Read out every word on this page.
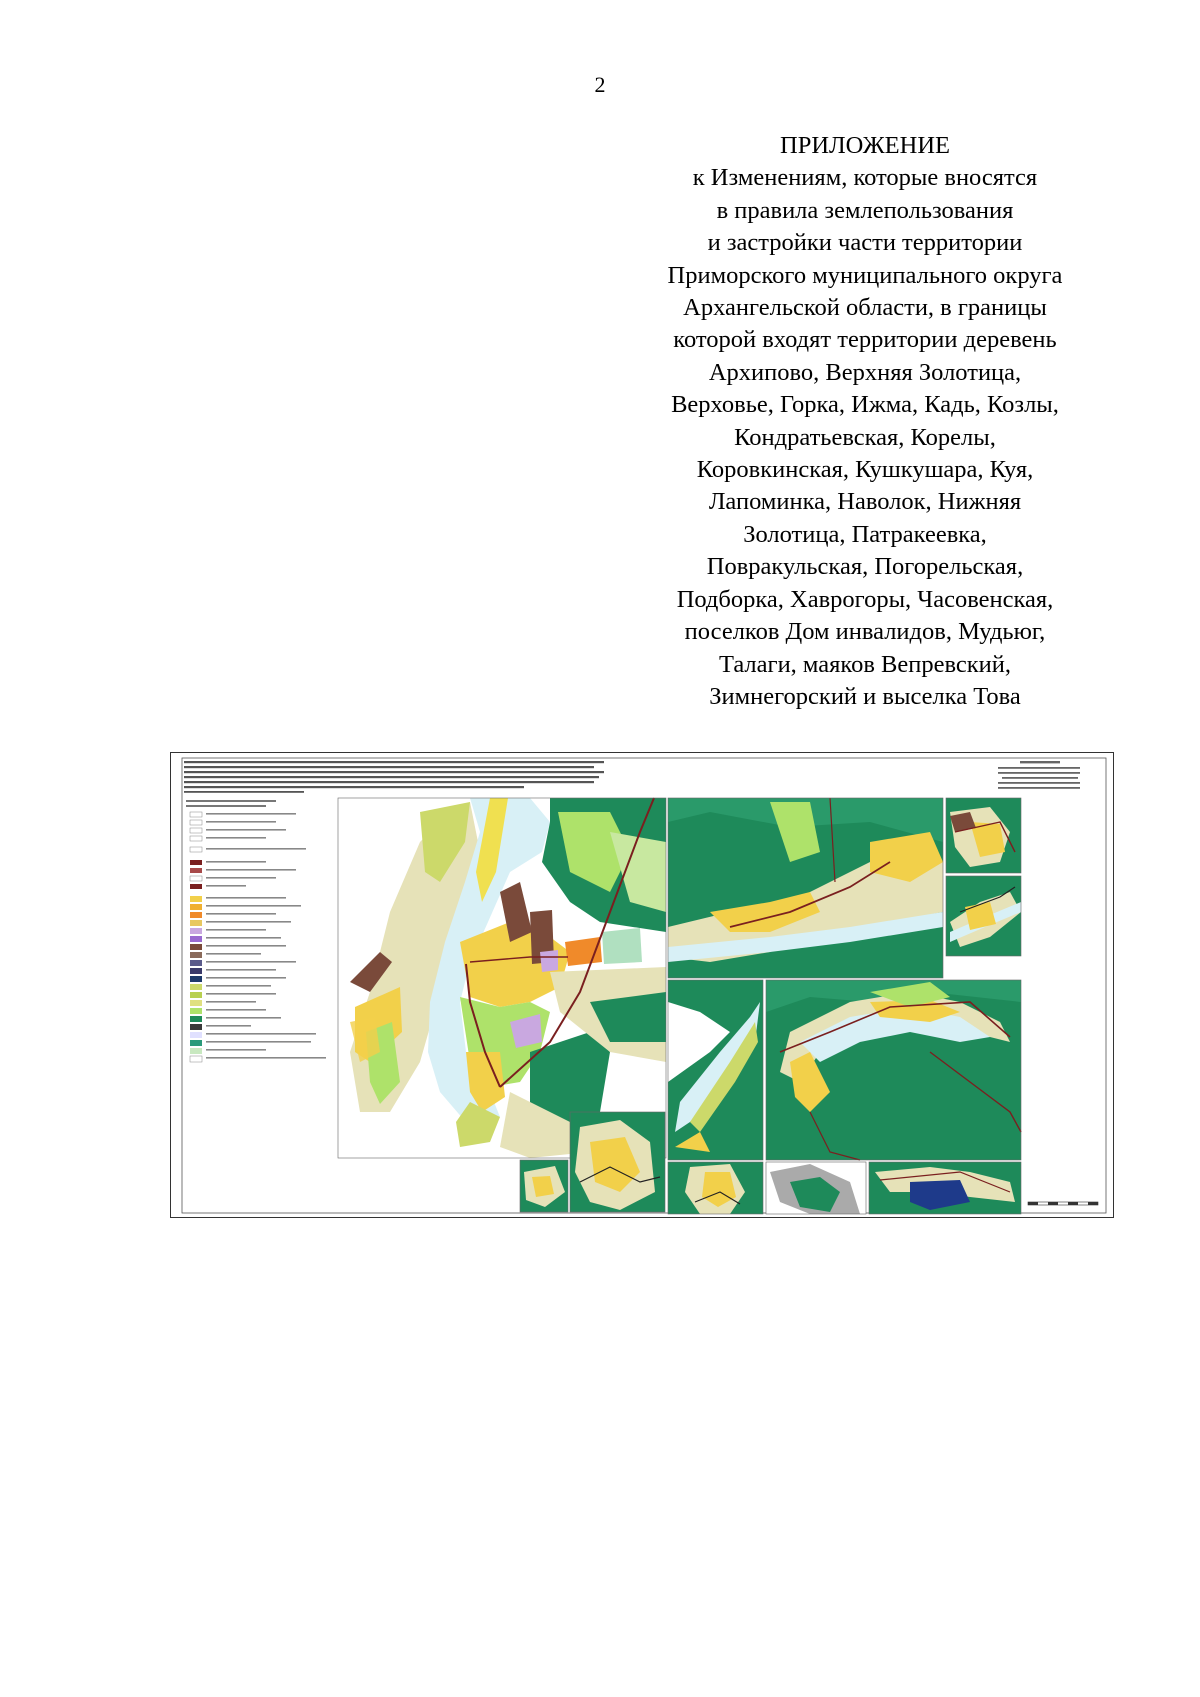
2
ПРИЛОЖЕНИЕ
к Изменениям, которые вносятся
в правила землепользования
и застройки части территории
Приморского муниципального округа
Архангельской области, в границы
которой входят территории деревень
Архипово, Верхняя Золотица,
Верховье, Горка, Ижма, Кадь, Козлы,
Кондратьевская, Корелы,
Коровкинская, Кушкушара, Куя,
Лапоминка, Наволок, Нижняя
Золотица, Патракеевка,
Повракульская, Погорельская,
Подборка, Хаврогоры, Часовенская,
поселков Дом инвалидов, Мудьюг,
Талаги, маяков Вепревский,
Зимнегорский и выселка Това
